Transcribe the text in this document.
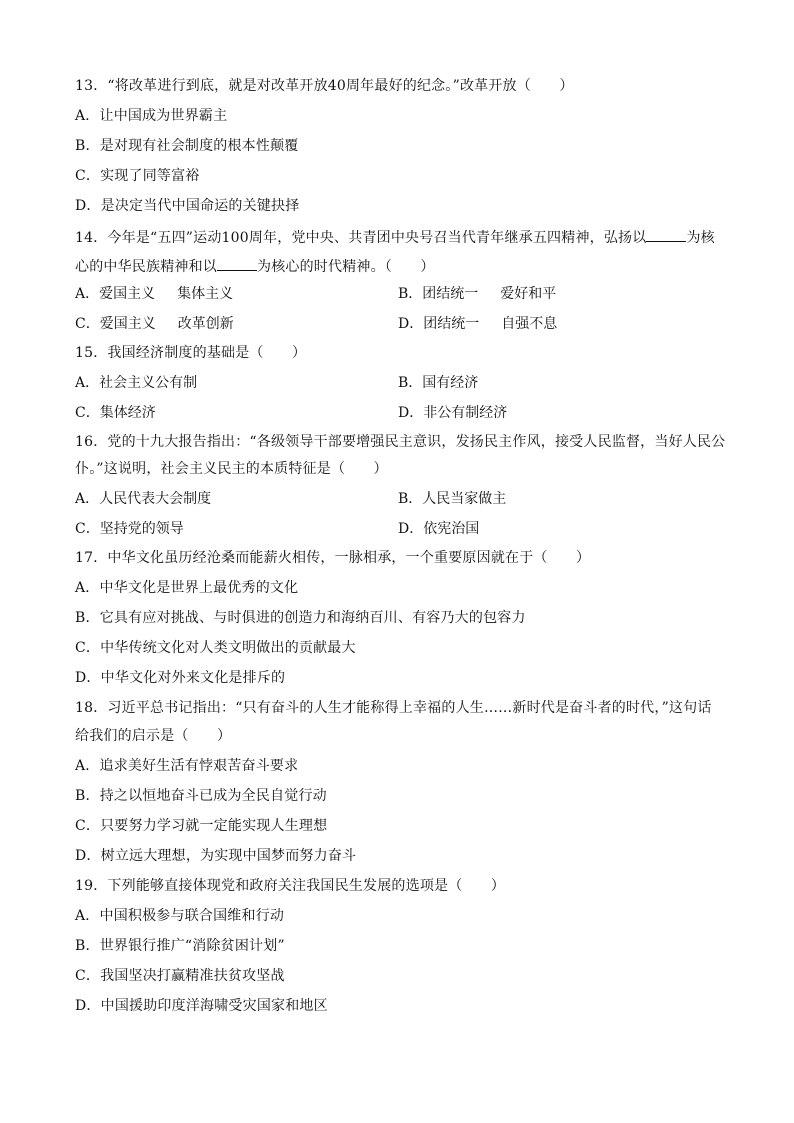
13．“将改革进行到底，就是对改革开放40周年最好的纪念。”改革开放（　　）
A．让中国成为世界霸主
B．是对现有社会制度的根本性颠覆
C．实现了同等富裕
D．是决定当代中国命运的关键抉择
14．今年是“五四”运动100周年，党中央、共青团中央号召当代青年继承五四精神，弘扬以	为核
心的中华民族精神和以	为核心的时代精神。（　　）
A．爱国主义 集体主义	B．团结统一 爱好和平
C．爱国主义 改革创新	D．团结统一 自强不息
15．我国经济制度的基础是（　　）
A．社会主义公有制	B．国有经济
C．集体经济	D．非公有制经济
16．党的十九大报告指出：“各级领导干部要增强民主意识，发扬民主作风，接受人民监督，当好人民公
仆。”这说明，社会主义民主的本质特征是（　　）
A．人民代表大会制度	B．人民当家做主
C．坚持党的领导	D．依宪治国
17．中华文化虽历经沧桑而能薪火相传，一脉相承，一个重要原因就在于（　　）
A．中华文化是世界上最优秀的文化
B．它具有应对挑战、与时俱进的创造力和海纳百川、有容乃大的包容力
C．中华传统文化对人类文明做出的贡献最大
D．中华文化对外来文化是排斥的
18．习近平总书记指出：“只有奋斗的人生才能称得上幸福的人生……新时代是奋斗者的时代，”这句话
给我们的启示是（　　）
A．追求美好生活有悖艰苦奋斗要求
B．持之以恒地奋斗已成为全民自觉行动
C．只要努力学习就一定能实现人生理想
D．树立远大理想，为实现中国梦而努力奋斗
19．下列能够直接体现党和政府关注我国民生发展的选项是（　　）
A．中国积极参与联合国维和行动
B．世界银行推广“消除贫困计划”
C．我国坚决打赢精准扶贫攻坚战
D．中国援助印度洋海啸受灾国家和地区
